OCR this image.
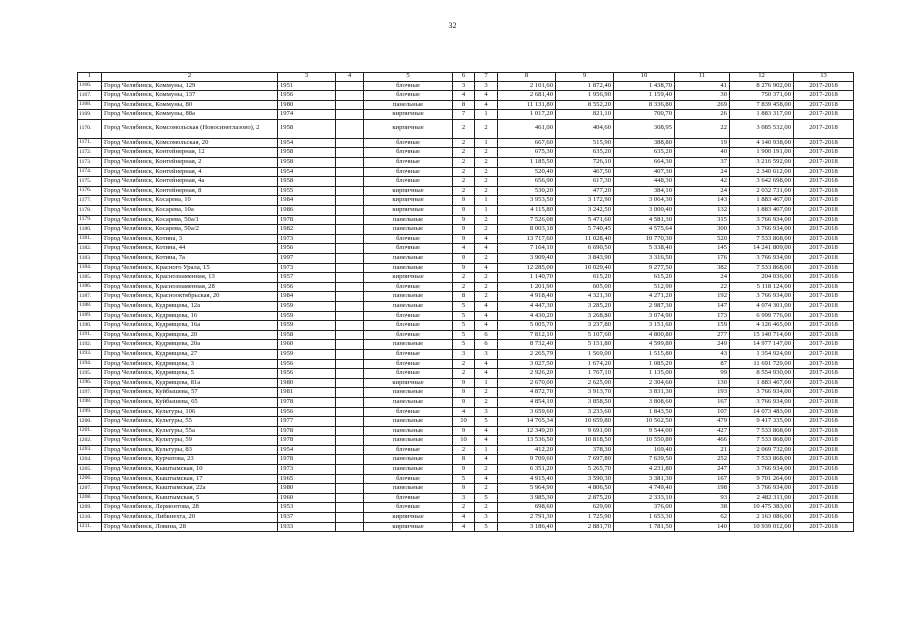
32
1	2	3	4	5	6	7	8	9	10	11	12	13
1166.	Город Челябинск, Коммуны, 129	1951		блочные	3	3	2 101,60	1 872,40	1 438,70	41	8 276 902,00	2017-2018
1167.	Город Челябинск, Коммуны, 137	1956		блочные	4	4	2 681,40	1 956,90	1 159,40	30	750 371,00	2017-2018
1168.	Город Челябинск, Коммуны, 80	1980		панельные	8	4	11 131,80	8 552,20	8 336,80	269	7 839 458,00	2017-2018
1169.	Город Челябинск, Коммуны, 88а	1974		кирпичные	7	1	1 017,20	821,10	700,70	26	1 883 317,00	2017-2018
1170.	Город Челябинск, Комсомольская (Новосинеглазово), 2	1958		кирпичные	2	2	461,00	404,60	308,95	22	3 085 532,00	2017-2018
1171.	Город Челябинск, Комсомольская, 20	1954		блочные	2	1	667,60	515,90	388,80	19	4 140 938,00	2017-2018
1172.	Город Челябинск, Контейнерная, 12	1958		блочные	2	2	675,30	635,20	635,20	40	1 900 191,00	2017-2018
1173.	Город Челябинск, Контейнерная, 2	1958		блочные	2	2	1 185,50	726,10	664,30	37	3 216 592,00	2017-2018
1174.	Город Челябинск, Контейнерная, 4	1954		блочные	2	2	520,40	467,50	407,30	24	2 340 612,00	2017-2018
1175.	Город Челябинск, Контейнерная, 4а	1958		блочные	2	2	656,90	617,30	448,30	42	3 642 698,00	2017-2018
1176.	Город Челябинск, Контейнерная, 8	1955		кирпичные	2	2	530,20	477,20	384,10	24	2 032 731,00	2017-2018
1177.	Город Челябинск, Косарева, 10	1984		кирпичные	9	1	3 953,50	3 172,90	3 064,30	143	1 883 467,00	2017-2018
1178.	Город Челябинск, Косарева, 10а	1986		кирпичные	9	1	4 115,80	3 242,50	3 000,40	132	1 883 467,00	2017-2018
1179.	Город Челябинск, Косарева, 50а/1	1978		панельные	9	2	7 526,08	5 471,60	4 581,30	315	3 766 934,00	2017-2018
1180.	Город Челябинск, Косарева, 50а/2	1982		панельные	9	2	8 003,18	5 740,45	4 575,64	300	3 766 934,00	2017-2018
1181.	Город Челябинск, Котина, 3	1973		блочные	9	4	13 717,60	11 028,40	10 770,30	520	7 533 868,00	2017-2018
1182.	Город Челябинск, Котина, 44	1956		блочные	4	4	7 164,10	6 690,50	5 338,40	145	14 241 809,00	2017-2018
1183.	Город Челябинск, Котина, 7а	1997		панельные	9	2	3 909,40	3 843,90	3 316,50	176	3 766 934,00	2017-2018
1184.	Город Челябинск, Красного Урала, 15	1973		панельные	9	4	12 285,00	10 029,40	9 277,50	382	7 533 868,00	2017-2018
1185.	Город Челябинск, Краснознаменная, 13	1957		кирпичные	2	2	1 140,70	615,20	615,20	24	204 036,00	2017-2018
1186.	Город Челябинск, Краснознаменная, 28	1956		блочные	2	2	1 201,90	605,00	512,90	22	5 118 124,00	2017-2018
1187.	Город Челябинск, Краснооктябрьская, 20	1984		панельные	8	2	4 918,40	4 321,30	4 271,20	192	3 766 934,00	2017-2018
1188.	Город Челябинск, Кудрявцева, 12а	1959		панельные	5	4	4 447,30	3 285,20	2 987,30	147	4 074 301,00	2017-2018
1189.	Город Челябинск, Кудрявцева, 16	1959		блочные	5	4	4 430,20	3 268,80	3 074,90	173	6 999 776,00	2017-2018
1190.	Город Челябинск, Кудрявцева, 16а	1959		блочные	5	4	5 005,70	3 237,80	3 151,60	159	4 126 465,00	2017-2018
1191.	Город Челябинск, Кудрявцева, 20	1958		блочные	5	6	7 812,10	5 107,60	4 800,80	277	15 140 714,00	2017-2018
1192.	Город Челябинск, Кудрявцева, 20а	1960		панельные	5	6	8 732,40	5 151,80	4 599,80	249	14 977 147,00	2017-2018
1193.	Город Челябинск, Кудрявцева, 27	1959		блочные	3	3	2 265,79	1 569,00	1 515,80	43	1 354 924,00	2017-2018
1194.	Город Челябинск, Кудрявцева, 3	1956		блочные	2	4	3 027,50	1 674,20	1 085,20	87	11 691 729,00	2017-2018
1195.	Город Челябинск, Кудрявцева, 5	1956		блочные	2	4	2 926,20	1 767,10	1 135,00	99	8 554 930,00	2017-2018
1196.	Город Челябинск, Кудрявцева, 81а	1980		кирпичные	9	1	2 670,00	2 625,00	2 304,60	130	1 883 467,00	2017-2018
1197.	Город Челябинск, Куйбышева, 57	1981		панельные	9	2	4 872,70	3 913,70	3 831,30	193	3 766 934,00	2017-2018
1198.	Город Челябинск, Куйбышева, 65	1978		панельные	9	2	4 854,10	3 858,50	3 808,60	167	3 766 934,00	2017-2018
1199.	Город Челябинск, Культуры, 106	1956		блочные	4	3	3 659,60	3 233,60	1 843,50	107	14 073 483,00	2017-2018
1200.	Город Челябинск, Культуры, 55	1977		панельные	10	5	14 765,34	10 659,80	10 562,50	479	9 417 335,00	2017-2018
1201.	Город Челябинск, Культуры, 55а	1978		панельные	9	4	12 349,20	9 691,00	9 544,00	427	7 533 868,00	2017-2018
1202.	Город Челябинск, Культуры, 59	1978		панельные	10	4	13 536,50	10 818,50	10 550,80	466	7 533 868,00	2017-2018
1203.	Город Челябинск, Культуры, 83	1954		блочные	2	1	412,20	378,30	169,40	21	2 069 732,00	2017-2018
1204.	Город Челябинск, Курчатова, 23	1978		панельные	8	4	9 709,60	7 697,80	7 639,50	252	7 533 868,00	2017-2018
1205.	Город Челябинск, Кыштымская, 10	1973		панельные	9	2	6 351,20	5 265,70	4 231,80	247	3 766 934,00	2017-2018
1206.	Город Челябинск, Кыштымская, 17	1965		блочные	5	4	4 915,40	3 590,30	3 381,30	167	9 701 264,00	2017-2018
1207.	Город Челябинск, Кыштымская, 22а	1980		панельные	9	2	5 964,90	4 806,50	4 749,40	198	3 766 934,00	2017-2018
1208.	Город Челябинск, Кыштымская, 5	1960		блочные	3	5	3 985,30	2 875,20	2 333,10	93	2 482 311,00	2017-2018
1209.	Город Челябинск, Лермонтова, 28	1953		блочные	2	2	698,60	629,00	376,00	38	10 475 383,00	2017-2018
1210.	Город Челябинск, Либкнехта, 20	1937		кирпичные	4	3	2 791,30	1 725,90	1 653,30	62	2 163 086,00	2017-2018
1211.	Город Челябинск, Ловина, 28	1933		кирпичные	4	5	3 186,40	2 881,70	1 781,50	140	10 939 012,00	2017-2018
